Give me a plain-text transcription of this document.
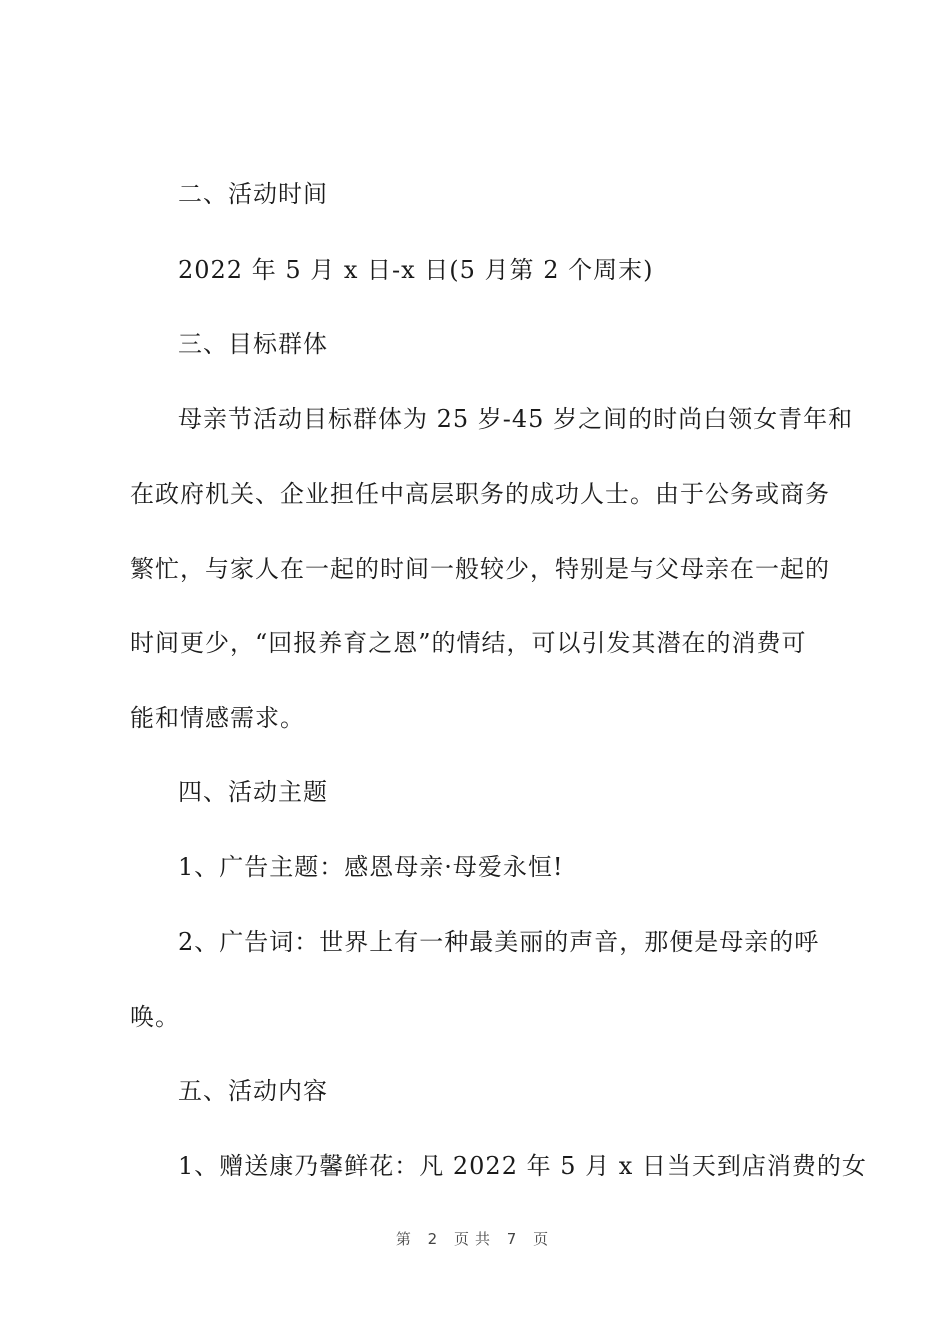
二、活动时间
2022 年 5 月 x 日-x 日(5 月第 2 个周末)
三、目标群体
母亲节活动目标群体为 25 岁-45 岁之间的时尚白领女青年和
在政府机关、企业担任中高层职务的成功人士。由于公务或商务
繁忙，与家人在一起的时间一般较少，特别是与父母亲在一起的
时间更少，“回报养育之恩”的情结，可以引发其潜在的消费可
能和情感需求。
四、活动主题
1、广告主题：感恩母亲·母爱永恒!
2、广告词：世界上有一种最美丽的声音，那便是母亲的呼
唤。
五、活动内容
1、赠送康乃馨鲜花：凡 2022 年 5 月 x 日当天到店消费的女
第 2 页共 7 页
